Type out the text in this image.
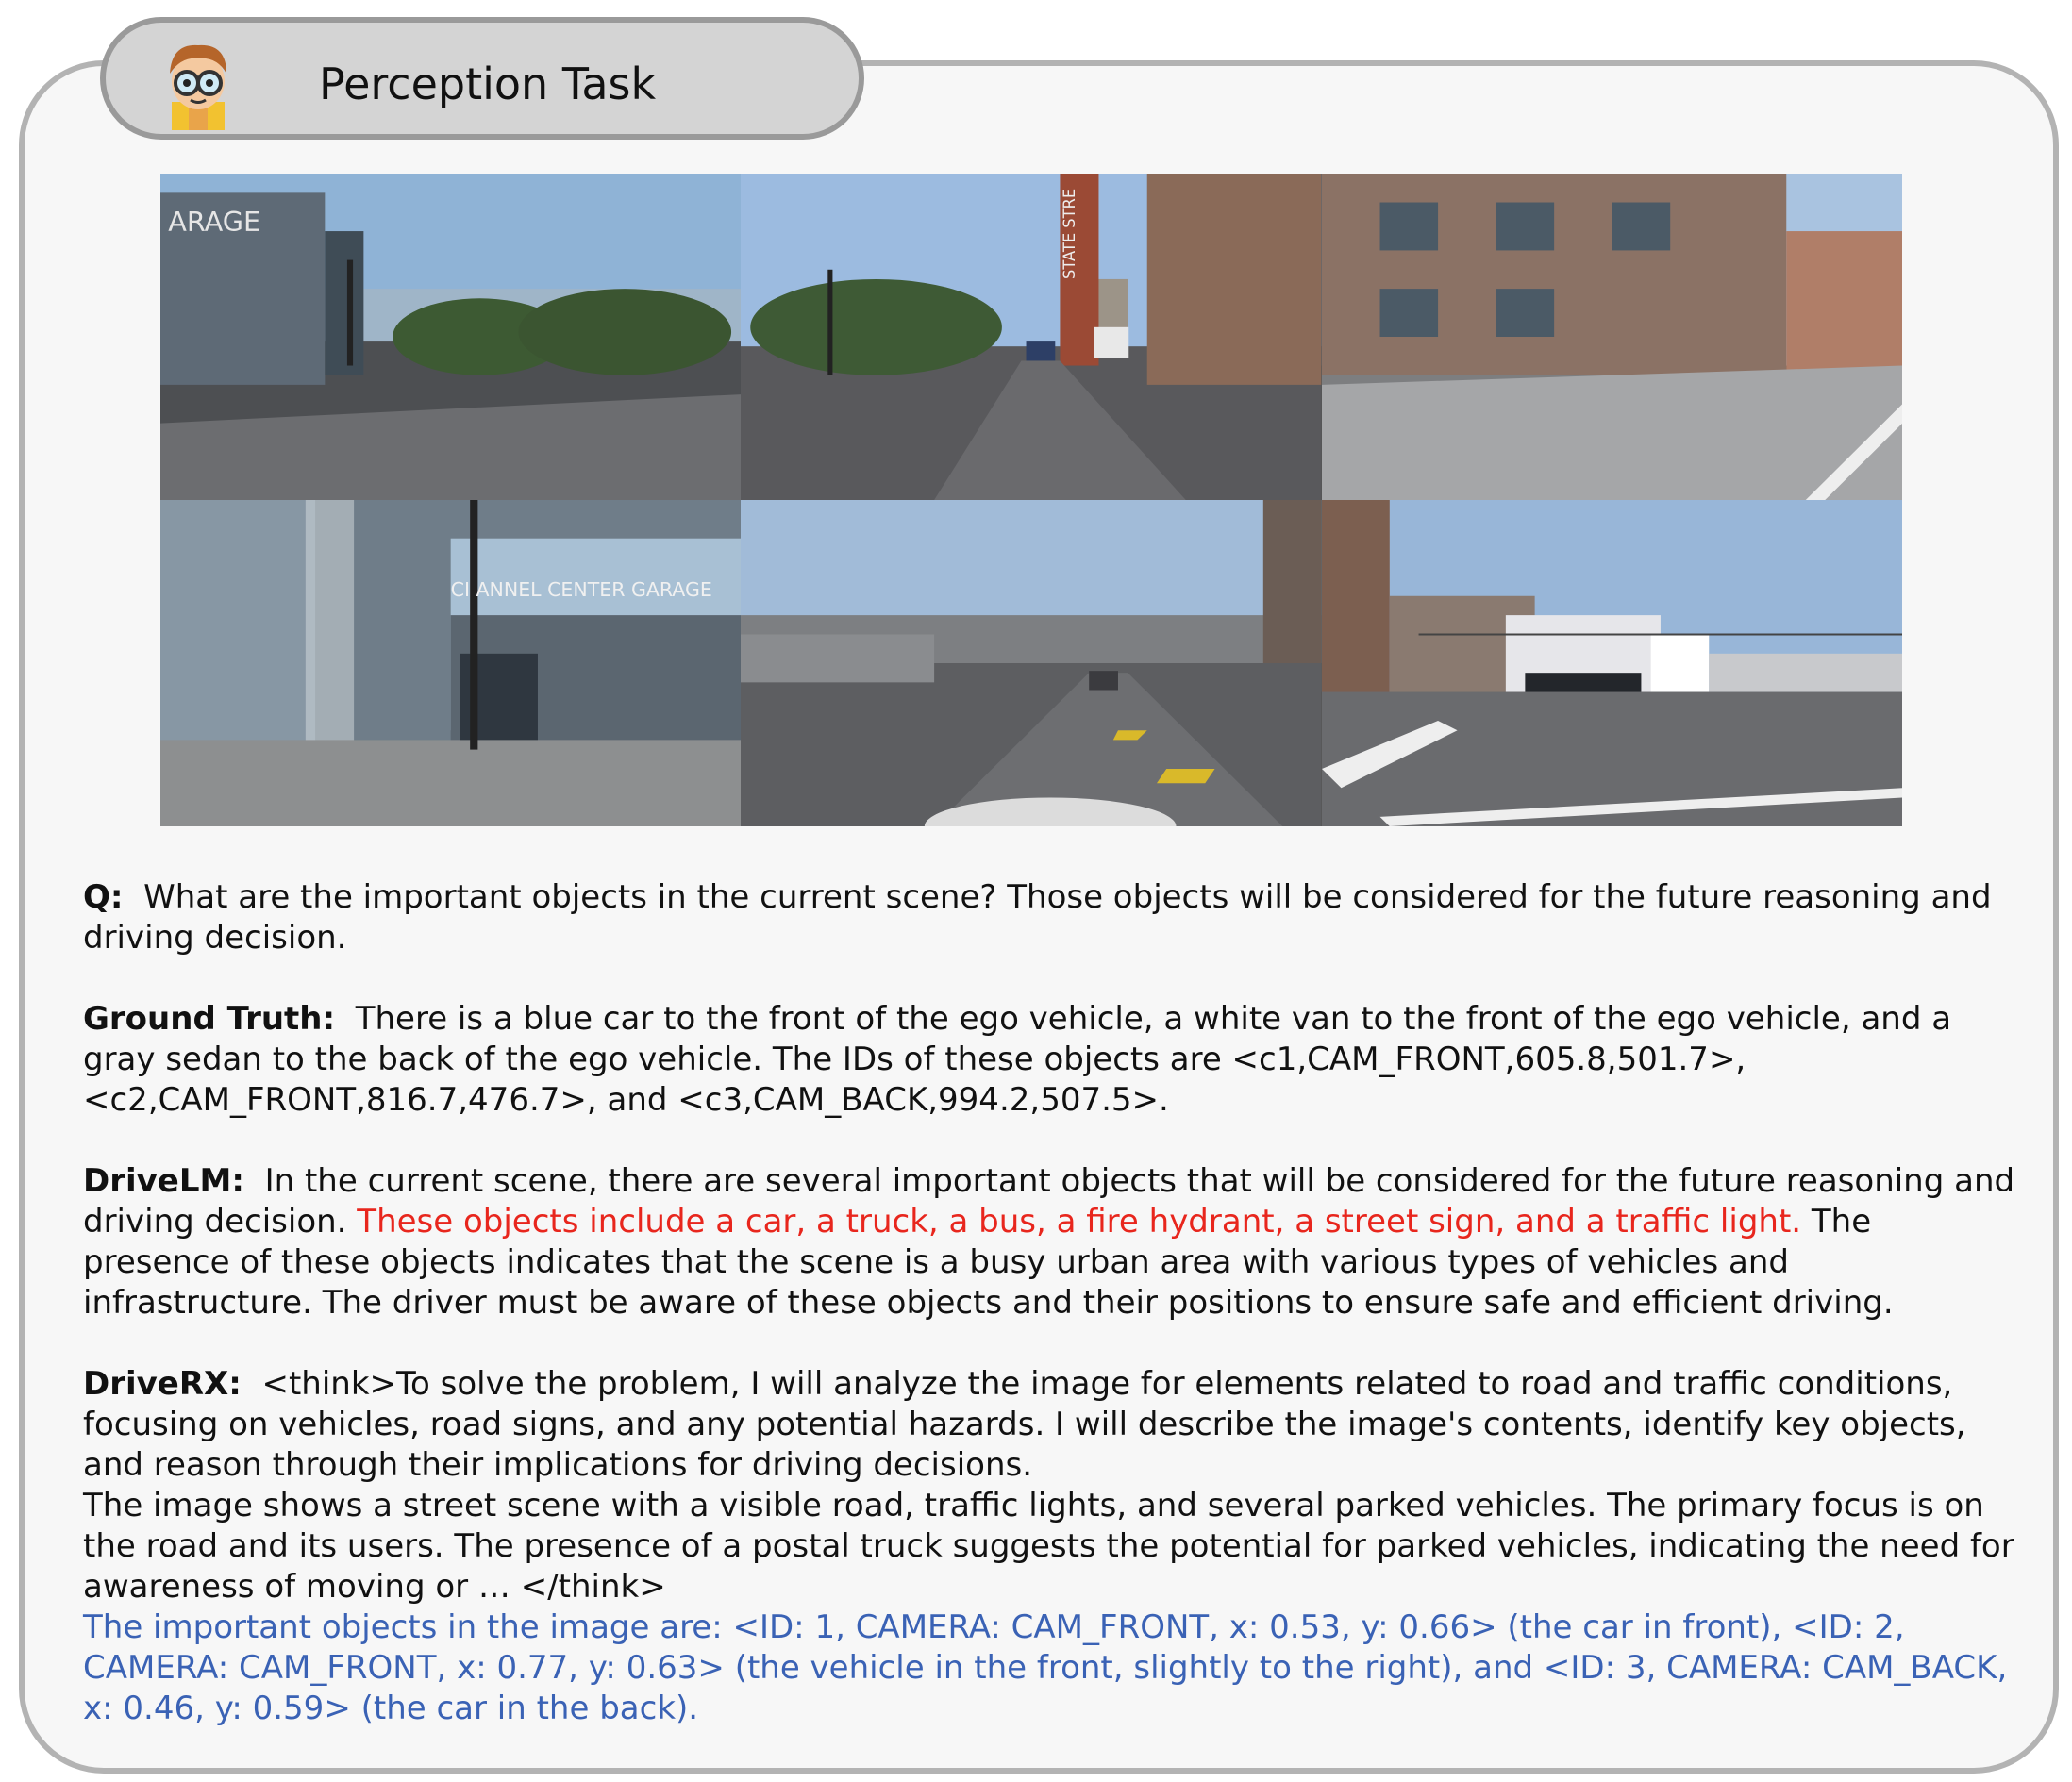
Perception Task
ARAGE	STATE STRE
CI ANNEL CENTER GARAGE

Q: What are the important objects in the current scene? Those objects will be considered for the future reasoning and driving decision.

Ground Truth: There is a blue car to the front of the ego vehicle, a white van to the front of the ego vehicle, and a gray sedan to the back of the ego vehicle. The IDs of these objects are <c1,CAM_FRONT,605.8,501.7>, <c2,CAM_FRONT,816.7,476.7>, and <c3,CAM_BACK,994.2,507.5>.

DriveLM: In the current scene, there are several important objects that will be considered for the future reasoning and driving decision. These objects include a car, a truck, a bus, a fire hydrant, a street sign, and a traffic light. The presence of these objects indicates that the scene is a busy urban area with various types of vehicles and infrastructure. The driver must be aware of these objects and their positions to ensure safe and efficient driving.

DriveRX: <think>To solve the problem, I will analyze the image for elements related to road and traffic conditions, focusing on vehicles, road signs, and any potential hazards. I will describe the image's contents, identify key objects, and reason through their implications for driving decisions.

The image shows a street scene with a visible road, traffic lights, and several parked vehicles. The primary focus is on the road and its users. The presence of a postal truck suggests the potential for parked vehicles, indicating the need for awareness of moving or … </think>

The important objects in the image are: <ID: 1, CAMERA: CAM_FRONT, x: 0.53, y: 0.66> (the car in front), <ID: 2, CAMERA: CAM_FRONT, x: 0.77, y: 0.63> (the vehicle in the front, slightly to the right), and <ID: 3, CAMERA: CAM_BACK, x: 0.46, y: 0.59> (the car in the back).
